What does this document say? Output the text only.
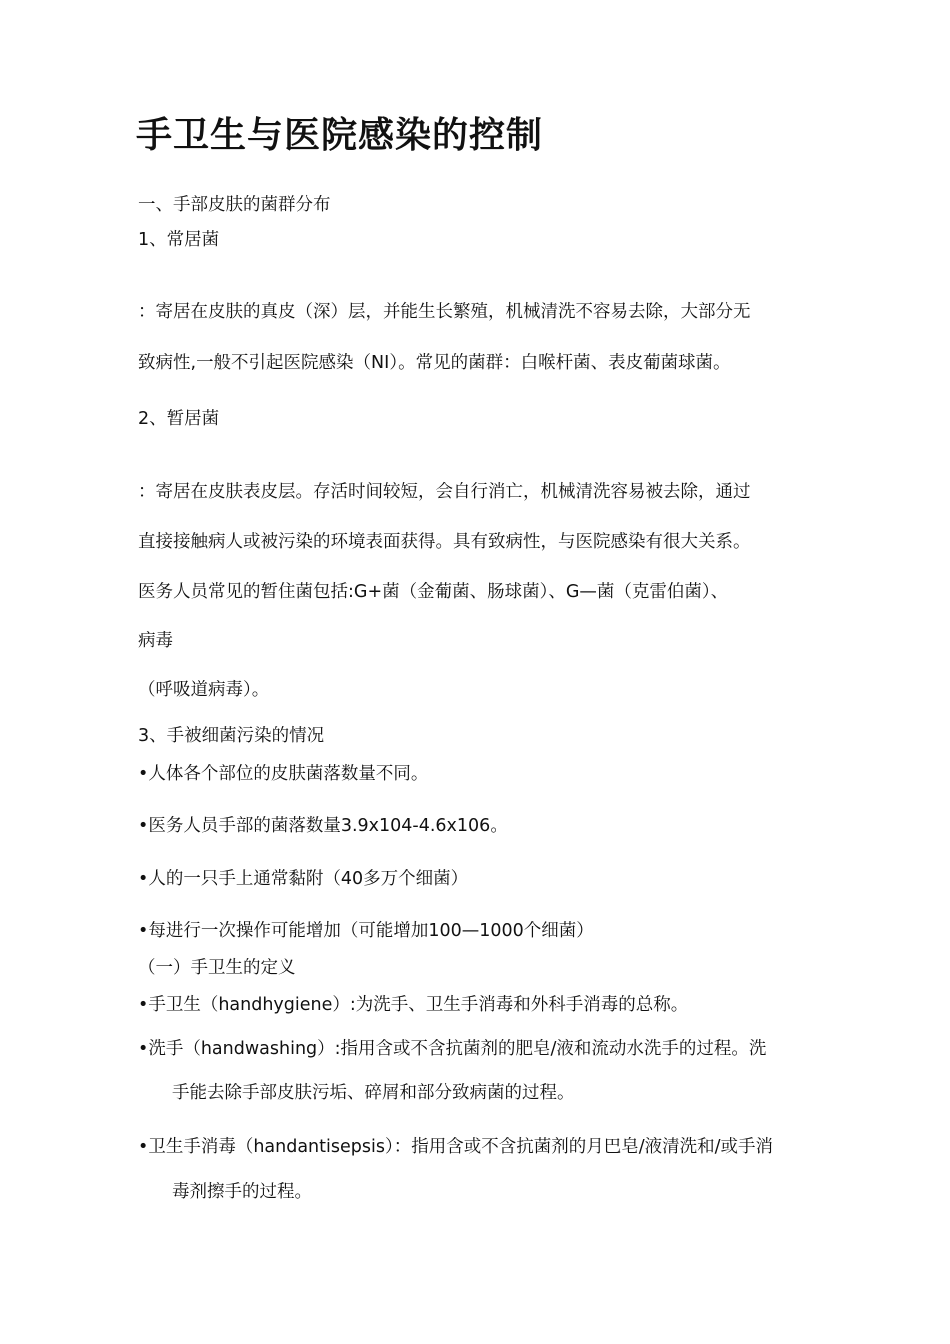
手卫生与医院感染的控制
一、手部皮肤的菌群分布
1、常居菌
：寄居在皮肤的真皮（深）层，并能生长繁殖，机械清洗不容易去除，大部分无
致病性,一般不引起医院感染（NI）。常见的菌群：白喉杆菌、表皮葡菌球菌。
2、暂居菌
：寄居在皮肤表皮层。存活时间较短，会自行消亡，机械清洗容易被去除，通过
直接接触病人或被污染的环境表面获得。具有致病性，与医院感染有很大关系。
医务人员常见的暂住菌包括:G+菌（金葡菌、肠球菌）、G—菌（克雷伯菌）、
病毒
（呼吸道病毒）。
3、手被细菌污染的情况
•人体各个部位的皮肤菌落数量不同。
•医务人员手部的菌落数量3.9x104-4.6x106。
•人的一只手上通常黏附（40多万个细菌）
•每进行一次操作可能增加（可能增加100—1000个细菌）
（一）手卫生的定义
•手卫生（handhygiene）:为洗手、卫生手消毒和外科手消毒的总称。
•洗手（handwashing）:指用含或不含抗菌剂的肥皂/液和流动水洗手的过程。洗
手能去除手部皮肤污垢、碎屑和部分致病菌的过程。
•卫生手消毒（handantisepsis）：指用含或不含抗菌剂的月巴皂/液清洗和/或手消
毒剂擦手的过程。
